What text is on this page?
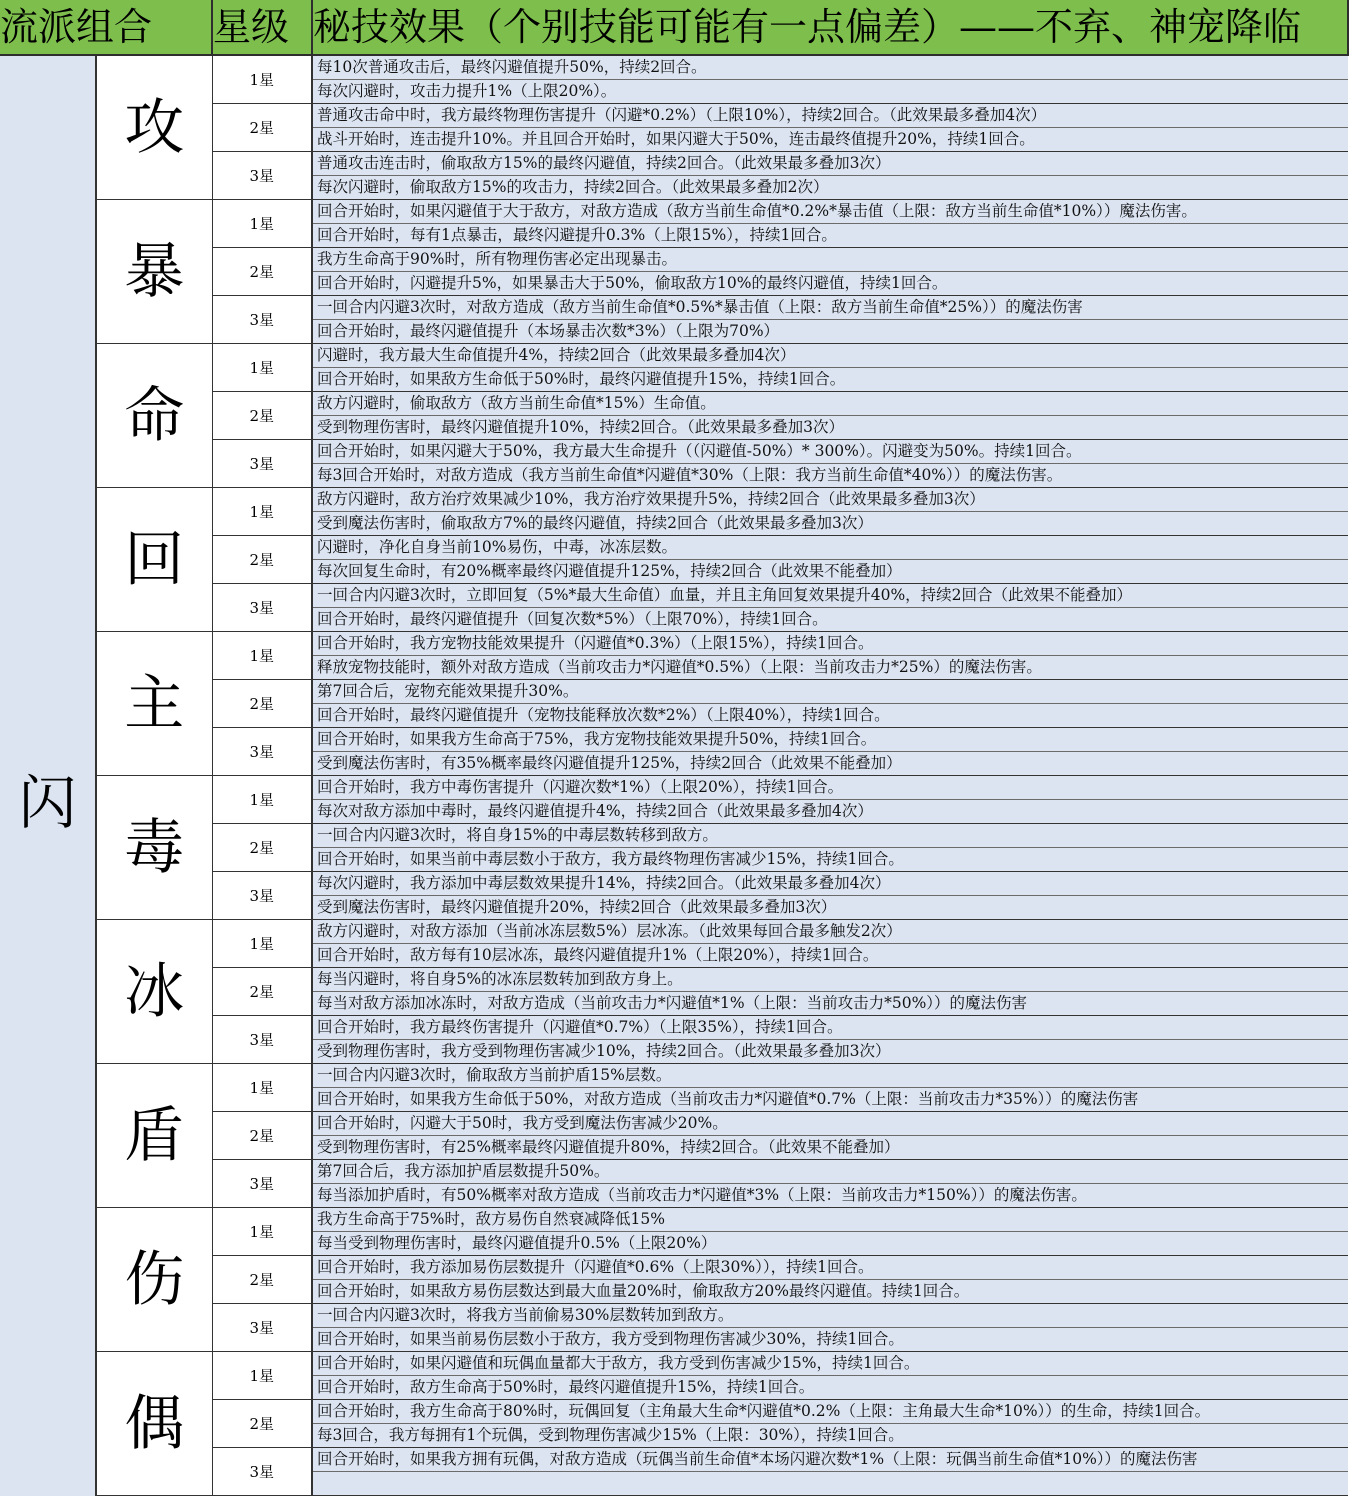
流派组合		星级	秘技效果（个别技能可能有一点偏差）——不弃、神宠降临
闪	攻	1星	每10次普通攻击后，最终闪避值提升50%，持续2回合。
			每次闪避时，攻击力提升1%（上限20%）。
		2星	普通攻击命中时，我方最终物理伤害提升（闪避*0.2%）（上限10%），持续2回合。（此效果最多叠加4次）
			战斗开始时，连击提升10%。并且回合开始时，如果闪避大于50%，连击最终值提升20%，持续1回合。
		3星	普通攻击连击时，偷取敌方15%的最终闪避值，持续2回合。（此效果最多叠加3次）
			每次闪避时，偷取敌方15%的攻击力，持续2回合。（此效果最多叠加2次）
	暴	1星	回合开始时，如果闪避值于大于敌方，对敌方造成（敌方当前生命值*0.2%*暴击值（上限：敌方当前生命值*10%））魔法伤害。
			回合开始时，每有1点暴击，最终闪避提升0.3%（上限15%），持续1回合。
		2星	我方生命高于90%时，所有物理伤害必定出现暴击。
			回合开始时，闪避提升5%，如果暴击大于50%，偷取敌方10%的最终闪避值，持续1回合。
		3星	一回合内闪避3次时，对敌方造成（敌方当前生命值*0.5%*暴击值（上限：敌方当前生命值*25%））的魔法伤害
			回合开始时，最终闪避值提升（本场暴击次数*3%）（上限为70%）
	命	1星	闪避时，我方最大生命值提升4%，持续2回合（此效果最多叠加4次）
			回合开始时，如果敌方生命低于50%时，最终闪避值提升15%，持续1回合。
		2星	敌方闪避时，偷取敌方（敌方当前生命值*15%）生命值。
			受到物理伤害时，最终闪避值提升10%，持续2回合。（此效果最多叠加3次）
		3星	回合开始时，如果闪避大于50%，我方最大生命提升（（闪避值-50%）* 300%）。闪避变为50%。持续1回合。
			每3回合开始时，对敌方造成（我方当前生命值*闪避值*30%（上限：我方当前生命值*40%））的魔法伤害。
	回	1星	敌方闪避时，敌方治疗效果减少10%，我方治疗效果提升5%，持续2回合（此效果最多叠加3次）
			受到魔法伤害时，偷取敌方7%的最终闪避值，持续2回合（此效果最多叠加3次）
		2星	闪避时，净化自身当前10%易伤，中毒，冰冻层数。
			每次回复生命时，有20%概率最终闪避值提升125%，持续2回合（此效果不能叠加）
		3星	一回合内闪避3次时，立即回复（5%*最大生命值）血量，并且主角回复效果提升40%，持续2回合（此效果不能叠加）
			回合开始时，最终闪避值提升（回复次数*5%）（上限70%），持续1回合。
	主	1星	回合开始时，我方宠物技能效果提升（闪避值*0.3%）（上限15%），持续1回合。
			释放宠物技能时，额外对敌方造成（当前攻击力*闪避值*0.5%）（上限：当前攻击力*25%）的魔法伤害。
		2星	第7回合后，宠物充能效果提升30%。
			回合开始时，最终闪避值提升（宠物技能释放次数*2%）（上限40%），持续1回合。
		3星	回合开始时，如果我方生命高于75%，我方宠物技能效果提升50%，持续1回合。
			受到魔法伤害时，有35%概率最终闪避值提升125%，持续2回合（此效果不能叠加）
	毒	1星	回合开始时，我方中毒伤害提升（闪避次数*1%）（上限20%），持续1回合。
			每次对敌方添加中毒时，最终闪避值提升4%，持续2回合（此效果最多叠加4次）
		2星	一回合内闪避3次时，将自身15%的中毒层数转移到敌方。
			回合开始时，如果当前中毒层数小于敌方，我方最终物理伤害减少15%，持续1回合。
		3星	每次闪避时，我方添加中毒层数效果提升14%，持续2回合。（此效果最多叠加4次）
			受到魔法伤害时，最终闪避值提升20%，持续2回合（此效果最多叠加3次）
	冰	1星	敌方闪避时，对敌方添加（当前冰冻层数5%）层冰冻。（此效果每回合最多触发2次）
			回合开始时，敌方每有10层冰冻，最终闪避值提升1%（上限20%），持续1回合。
		2星	每当闪避时，将自身5%的冰冻层数转加到敌方身上。
			每当对敌方添加冰冻时，对敌方造成（当前攻击力*闪避值*1%（上限：当前攻击力*50%））的魔法伤害
		3星	回合开始时，我方最终伤害提升（闪避值*0.7%）（上限35%），持续1回合。
			受到物理伤害时，我方受到物理伤害减少10%，持续2回合。（此效果最多叠加3次）
	盾	1星	一回合内闪避3次时，偷取敌方当前护盾15%层数。
			回合开始时，如果我方生命低于50%，对敌方造成（当前攻击力*闪避值*0.7%（上限：当前攻击力*35%））的魔法伤害
		2星	回合开始时，闪避大于50时，我方受到魔法伤害减少20%。
			受到物理伤害时，有25%概率最终闪避值提升80%，持续2回合。（此效果不能叠加）
		3星	第7回合后，我方添加护盾层数提升50%。
			每当添加护盾时，有50%概率对敌方造成（当前攻击力*闪避值*3%（上限：当前攻击力*150%））的魔法伤害。
	伤	1星	我方生命高于75%时，敌方易伤自然衰减降低15%
			每当受到物理伤害时，最终闪避值提升0.5%（上限20%）
		2星	回合开始时，我方添加易伤层数提升（闪避值*0.6%（上限30%）），持续1回合。
			回合开始时，如果敌方易伤层数达到最大血量20%时，偷取敌方20%最终闪避值。持续1回合。
		3星	一回合内闪避3次时，将我方当前偷易30%层数转加到敌方。
			回合开始时，如果当前易伤层数小于敌方，我方受到物理伤害减少30%，持续1回合。
	偶	1星	回合开始时，如果闪避值和玩偶血量都大于敌方，我方受到伤害减少15%，持续1回合。
			回合开始时，敌方生命高于50%时，最终闪避值提升15%，持续1回合。
		2星	回合开始时，我方生命高于80%时，玩偶回复（主角最大生命*闪避值*0.2%（上限：主角最大生命*10%））的生命，持续1回合。
			每3回合，我方每拥有1个玩偶，受到物理伤害减少15%（上限：30%），持续1回合。
		3星	回合开始时，如果我方拥有玩偶，对敌方造成（玩偶当前生命值*本场闪避次数*1%（上限：玩偶当前生命值*10%））的魔法伤害
